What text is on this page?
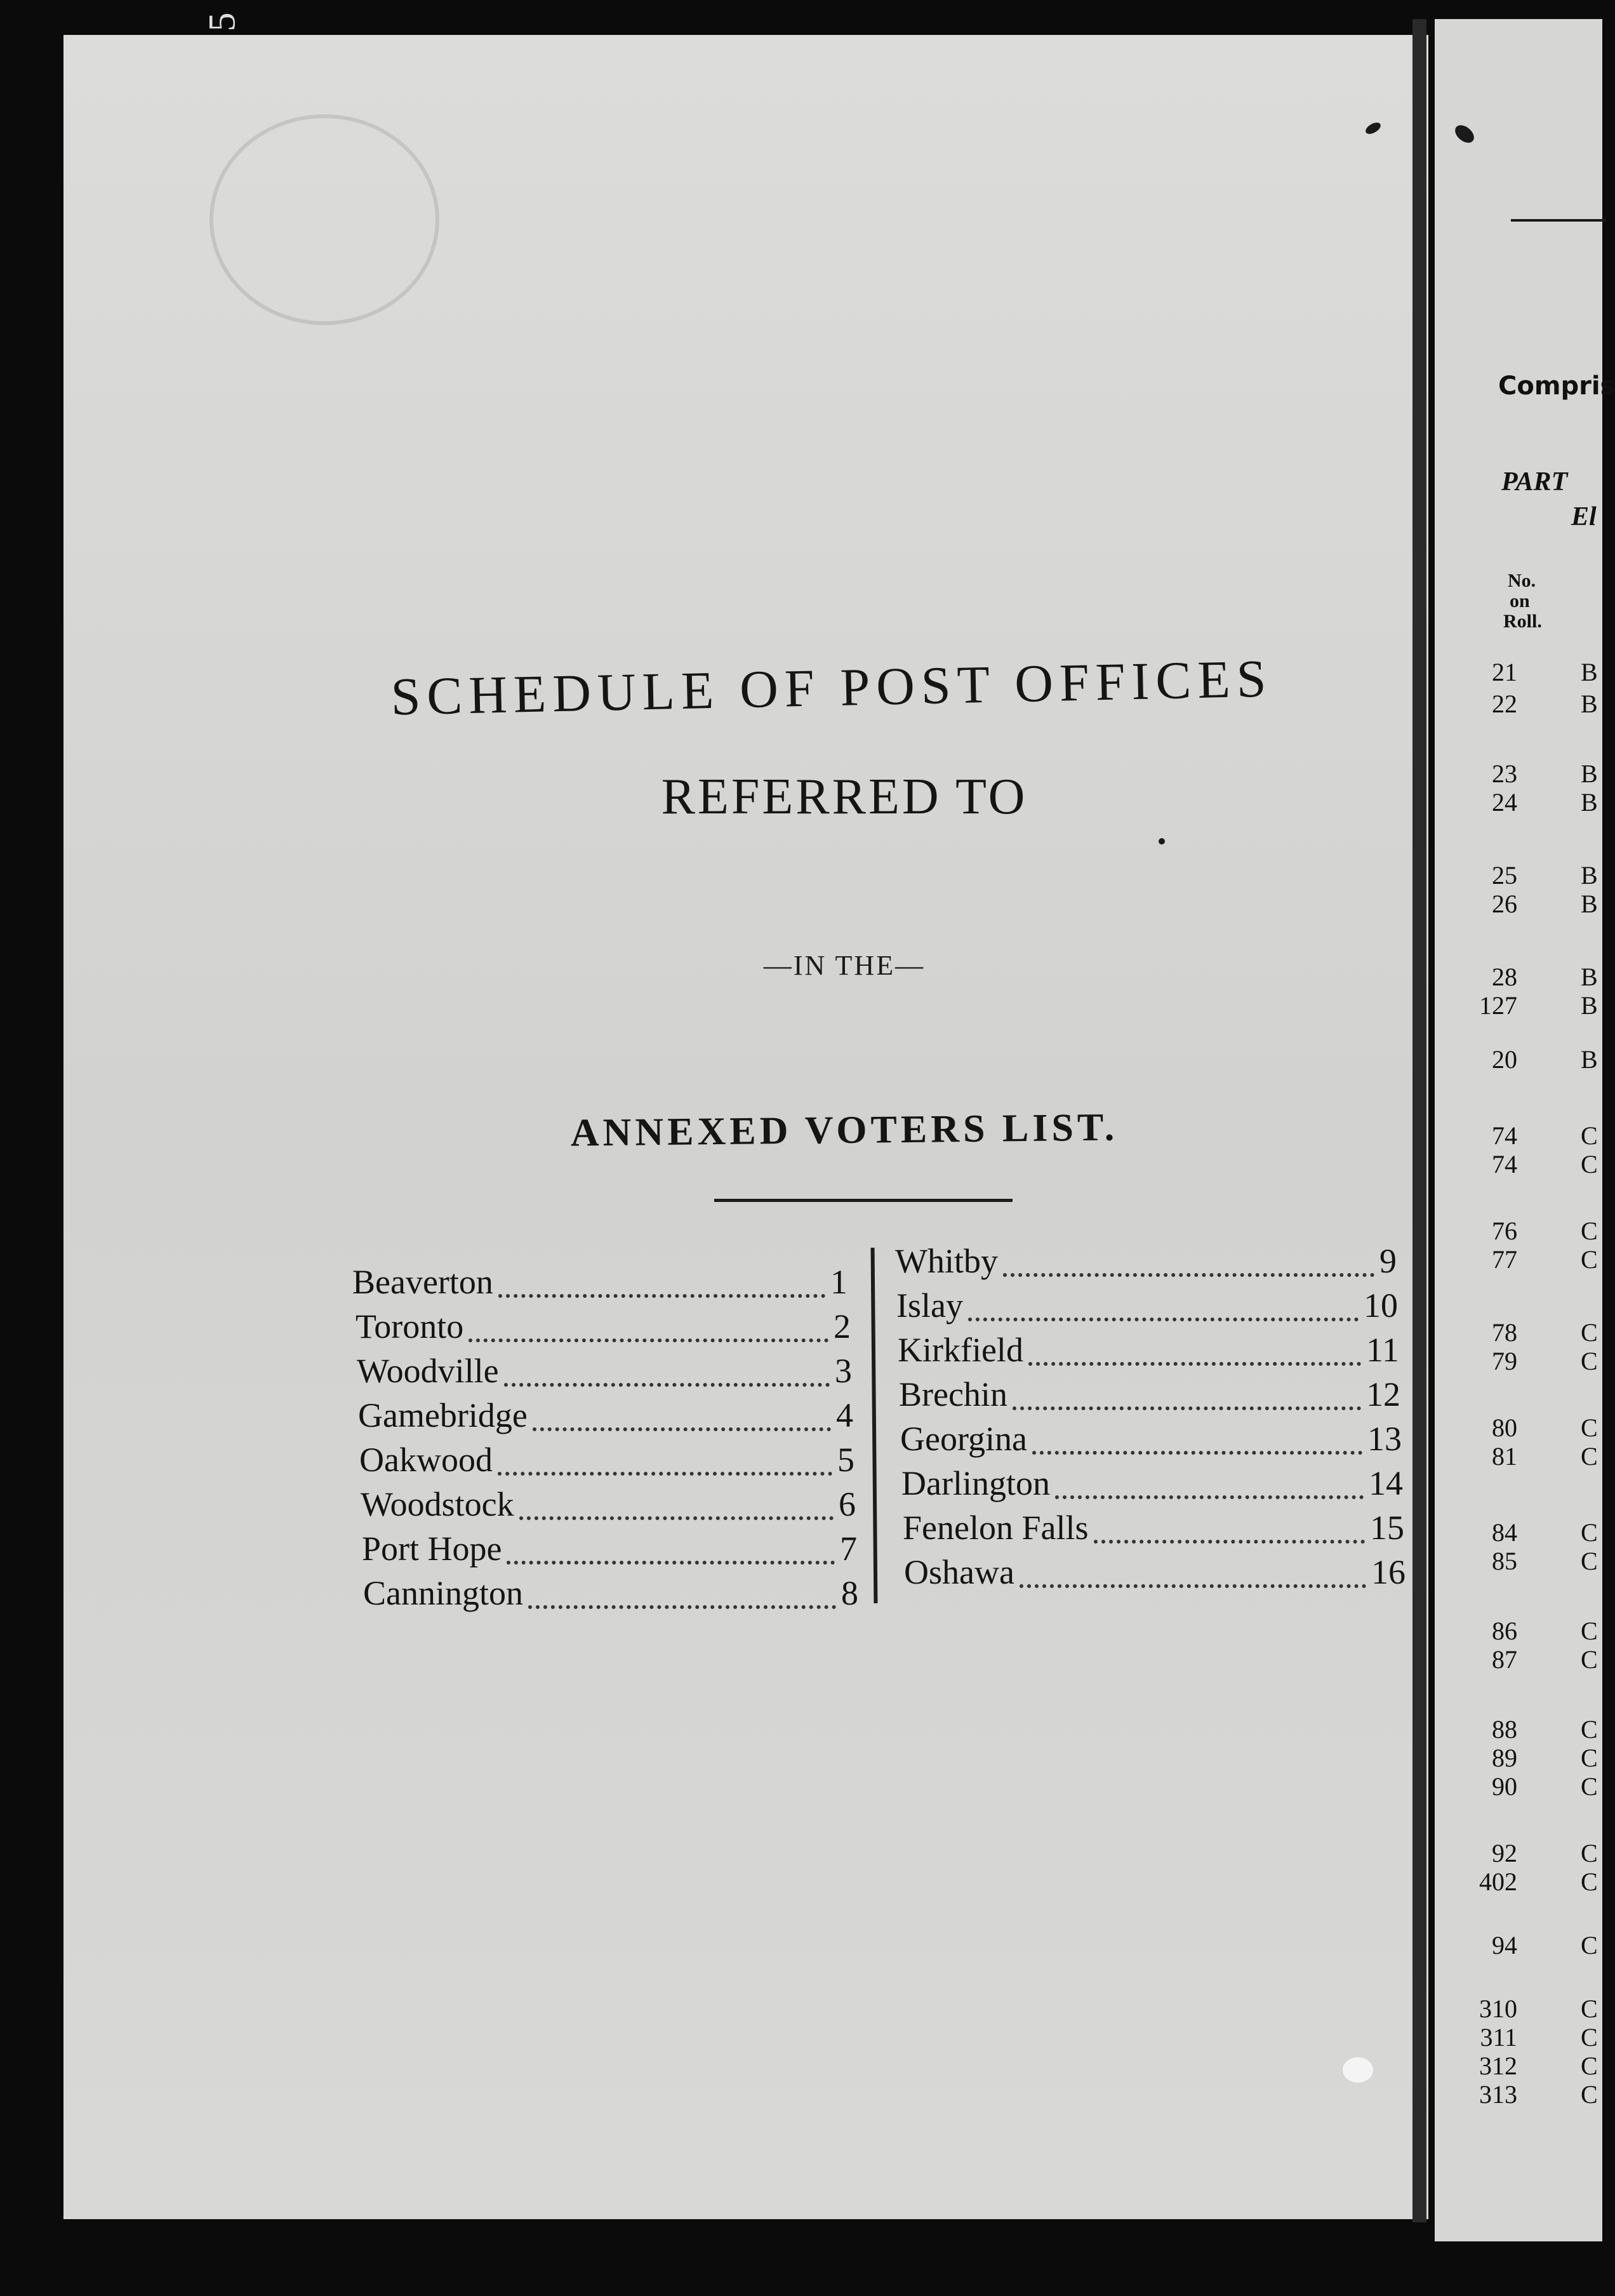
5
SCHEDULE OF POST OFFICES
REFERRED TO
—IN THE—
ANNEXED VOTERS LIST.
Beaverton	1
Toronto	2
Woodville	3
Gamebridge	4
Oakwood	5
Woodstock	6
Port Hope	7
Cannington	8
Whitby	9
Islay	10
Kirkfield	11
Brechin	12
Georgina	13
Darlington	14
Fenelon Falls	15
Oshawa	16
Compris
PART
El
No.
on
Roll.
21	B
22	B
23	B
24	B
25	B
26	B
28	B
127	B
20	B
74	C
74	C
76	C
77	C
78	C
79	C
80	C
81	C
84	C
85	C
86	C
87	C
88	C
89	C
90	C
92	C
402	C
94	C
310	C
311	C
312	C
313	C
